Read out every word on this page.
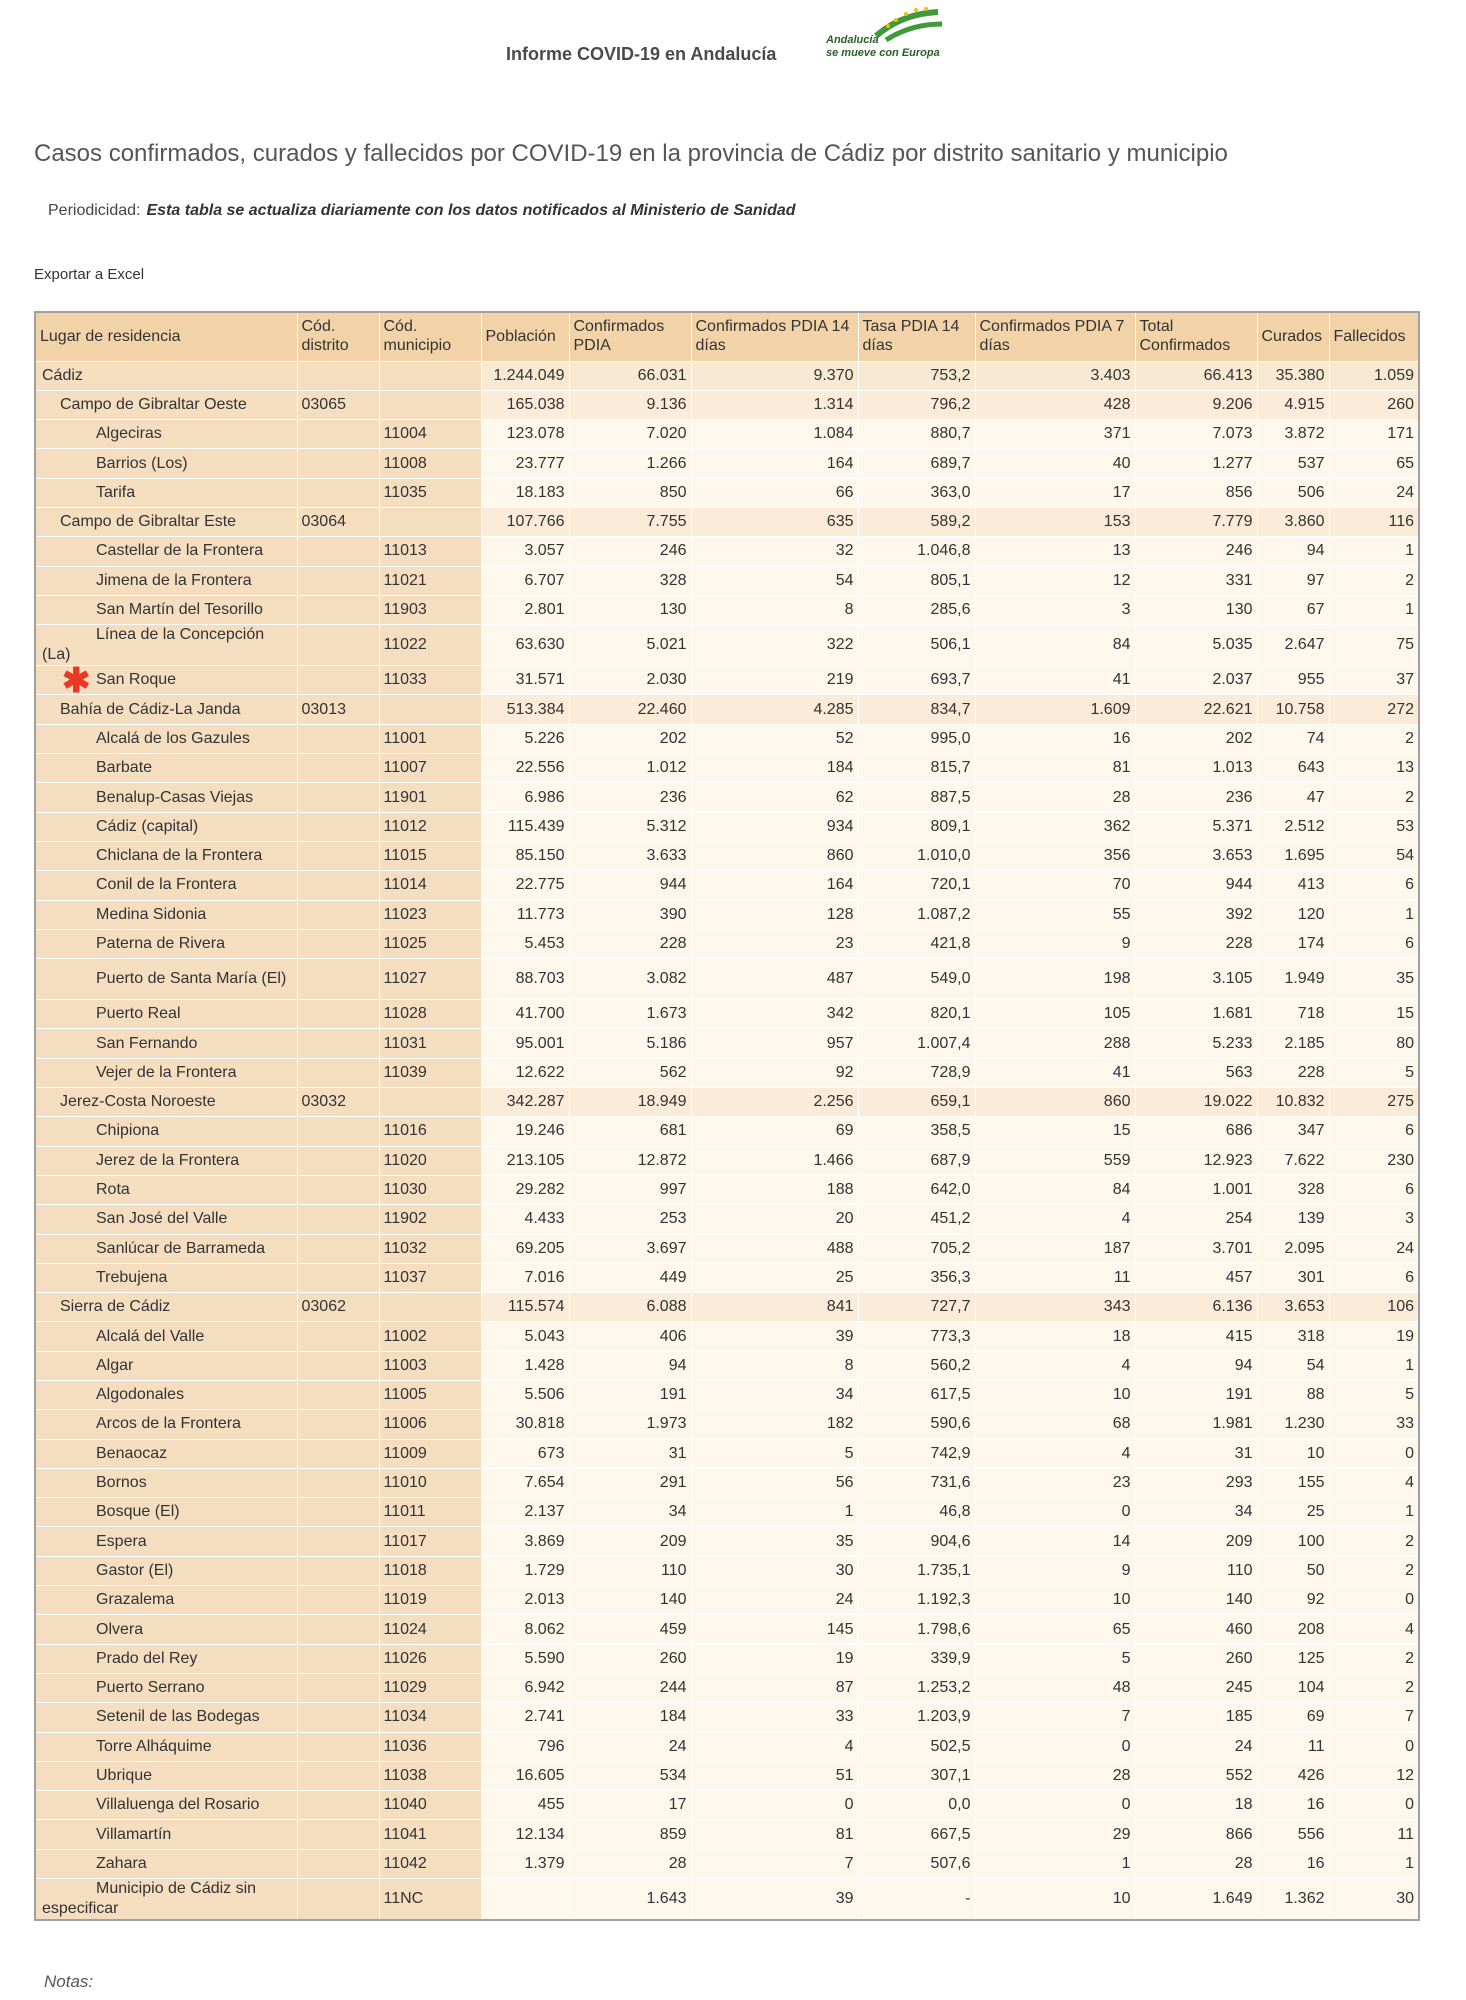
Informe COVID-19 en Andalucía
Andalucía
se mueve con Europa
Casos confirmados, curados y fallecidos por COVID-19 en la provincia de Cádiz por distrito sanitario y municipio
Periodicidad: Esta tabla se actualiza diariamente con los datos notificados al Ministerio de Sanidad
Exportar a Excel
Lugar de residencia	Cód. distrito	Cód. municipio	Población	Confirmados PDIA	Confirmados PDIA 14 días	Tasa PDIA 14 días	Confirmados PDIA 7 días	Total Confirmados	Curados	Fallecidos
Cádiz			1.244.049	66.031	9.370	753,2	3.403	66.413	35.380	1.059
Campo de Gibraltar Oeste	03065		165.038	9.136	1.314	796,2	428	9.206	4.915	260
Algeciras		11004	123.078	7.020	1.084	880,7	371	7.073	3.872	171
Barrios (Los)		11008	23.777	1.266	164	689,7	40	1.277	537	65
Tarifa		11035	18.183	850	66	363,0	17	856	506	24
Campo de Gibraltar Este	03064		107.766	7.755	635	589,2	153	7.779	3.860	116
Castellar de la Frontera		11013	3.057	246	32	1.046,8	13	246	94	1
Jimena de la Frontera		11021	6.707	328	54	805,1	12	331	97	2
San Martín del Tesorillo		11903	2.801	130	8	285,6	3	130	67	1
Línea de la Concepción (La)		11022	63.630	5.021	322	506,1	84	5.035	2.647	75

✱ San Roque		11033	31.571	2.030	219	693,7	41	2.037	955	37
Bahía de Cádiz-La Janda	03013		513.384	22.460	4.285	834,7	1.609	22.621	10.758	272
Alcalá de los Gazules		11001	5.226	202	52	995,0	16	202	74	2
Barbate		11007	22.556	1.012	184	815,7	81	1.013	643	13
Benalup-Casas Viejas		11901	6.986	236	62	887,5	28	236	47	2
Cádiz (capital)		11012	115.439	5.312	934	809,1	362	5.371	2.512	53
Chiclana de la Frontera		11015	85.150	3.633	860	1.010,0	356	3.653	1.695	54
Conil de la Frontera		11014	22.775	944	164	720,1	70	944	413	6
Medina Sidonia		11023	11.773	390	128	1.087,2	55	392	120	1
Paterna de Rivera		11025	5.453	228	23	421,8	9	228	174	6
Puerto de Santa María (El)		11027	88.703	3.082	487	549,0	198	3.105	1.949	35
Puerto Real		11028	41.700	1.673	342	820,1	105	1.681	718	15
San Fernando		11031	95.001	5.186	957	1.007,4	288	5.233	2.185	80
Vejer de la Frontera		11039	12.622	562	92	728,9	41	563	228	5
Jerez-Costa Noroeste	03032		342.287	18.949	2.256	659,1	860	19.022	10.832	275
Chipiona		11016	19.246	681	69	358,5	15	686	347	6
Jerez de la Frontera		11020	213.105	12.872	1.466	687,9	559	12.923	7.622	230
Rota		11030	29.282	997	188	642,0	84	1.001	328	6
San José del Valle		11902	4.433	253	20	451,2	4	254	139	3
Sanlúcar de Barrameda		11032	69.205	3.697	488	705,2	187	3.701	2.095	24
Trebujena		11037	7.016	449	25	356,3	11	457	301	6
Sierra de Cádiz	03062		115.574	6.088	841	727,7	343	6.136	3.653	106
Alcalá del Valle		11002	5.043	406	39	773,3	18	415	318	19
Algar		11003	1.428	94	8	560,2	4	94	54	1
Algodonales		11005	5.506	191	34	617,5	10	191	88	5
Arcos de la Frontera		11006	30.818	1.973	182	590,6	68	1.981	1.230	33
Benaocaz		11009	673	31	5	742,9	4	31	10	0
Bornos		11010	7.654	291	56	731,6	23	293	155	4
Bosque (El)		11011	2.137	34	1	46,8	0	34	25	1
Espera		11017	3.869	209	35	904,6	14	209	100	2
Gastor (El)		11018	1.729	110	30	1.735,1	9	110	50	2
Grazalema		11019	2.013	140	24	1.192,3	10	140	92	0
Olvera		11024	8.062	459	145	1.798,6	65	460	208	4
Prado del Rey		11026	5.590	260	19	339,9	5	260	125	2
Puerto Serrano		11029	6.942	244	87	1.253,2	48	245	104	2
Setenil de las Bodegas		11034	2.741	184	33	1.203,9	7	185	69	7
Torre Alháquime		11036	796	24	4	502,5	0	24	11	0
Ubrique		11038	16.605	534	51	307,1	28	552	426	12
Villaluenga del Rosario		11040	455	17	0	0,0	0	18	16	0
Villamartín		11041	12.134	859	81	667,5	29	866	556	11
Zahara		11042	1.379	28	7	507,6	1	28	16	1
Municipio de Cádiz sin especificar		11NC		1.643	39	-	10	1.649	1.362	30
Notas:
